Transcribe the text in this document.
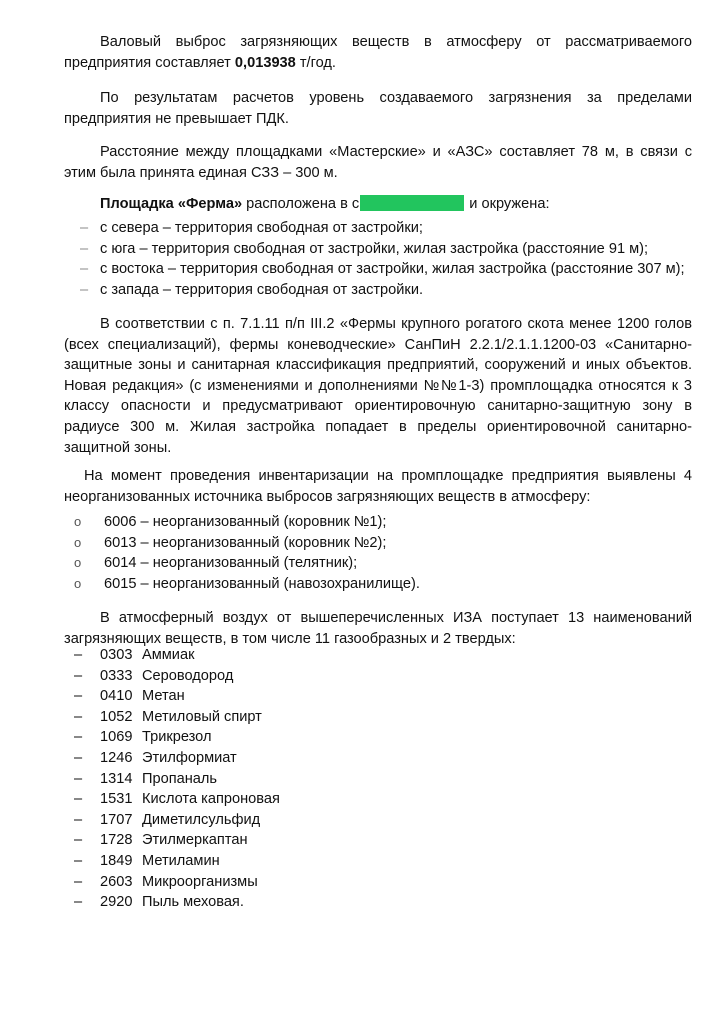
Валовый выброс загрязняющих веществ в атмосферу от рассматриваемого предприятия составляет 0,013938 т/год.

По результатам расчетов уровень создаваемого загрязнения за пределами предприятия не превышает ПДК.

Расстояние между площадками «Мастерские» и «АЗС» составляет 78 м, в связи с этим была принята единая СЗЗ – 300 м.

Площадка «Ферма» расположена в с	и окружена:

– с севера – территория свободная от застройки;
– с юга – территория свободная от застройки, жилая застройка (расстояние 91 м);
– с востока – территория свободная от застройки, жилая застройка (расстояние 307 м);
– с запада – территория свободная от застройки.

В соответствии с п. 7.1.11 п/п III.2 «Фермы крупного рогатого скота менее 1200 голов (всех специализаций), фермы коневодческие» СанПиН 2.2.1/2.1.1.1200-03 «Санитарно-защитные зоны и санитарная классификация предприятий, сооружений и иных объектов. Новая редакция» (с изменениями и дополнениями №№1-3) промплощадка относятся к 3 классу опасности и предусматривают ориентировочную санитарно-защитную зону в радиусе 300 м. Жилая застройка попадает в пределы ориентировочной санитарно-защитной зоны.

На момент проведения инвентаризации на промплощадке предприятия выявлены 4 неорганизованных источника выбросов загрязняющих веществ в атмосферу:

o 6006 – неорганизованный (коровник №1);
o 6013 – неорганизованный (коровник №2);
o 6014 – неорганизованный (телятник);
o 6015 – неорганизованный (навозохранилище).

В атмосферный воздух от вышеперечисленных ИЗА поступает 13 наименований загрязняющих веществ, в том числе 11 газообразных и 2 твердых:

– 0303 Аммиак
– 0333 Сероводород
– 0410 Метан
– 1052 Метиловый спирт
– 1069 Трикрезол
– 1246 Этилформиат
– 1314 Пропаналь
– 1531 Кислота капроновая
– 1707 Диметилсульфид
– 1728 Этилмеркаптан
– 1849 Метиламин
– 2603 Микроорганизмы
– 2920 Пыль меховая.
